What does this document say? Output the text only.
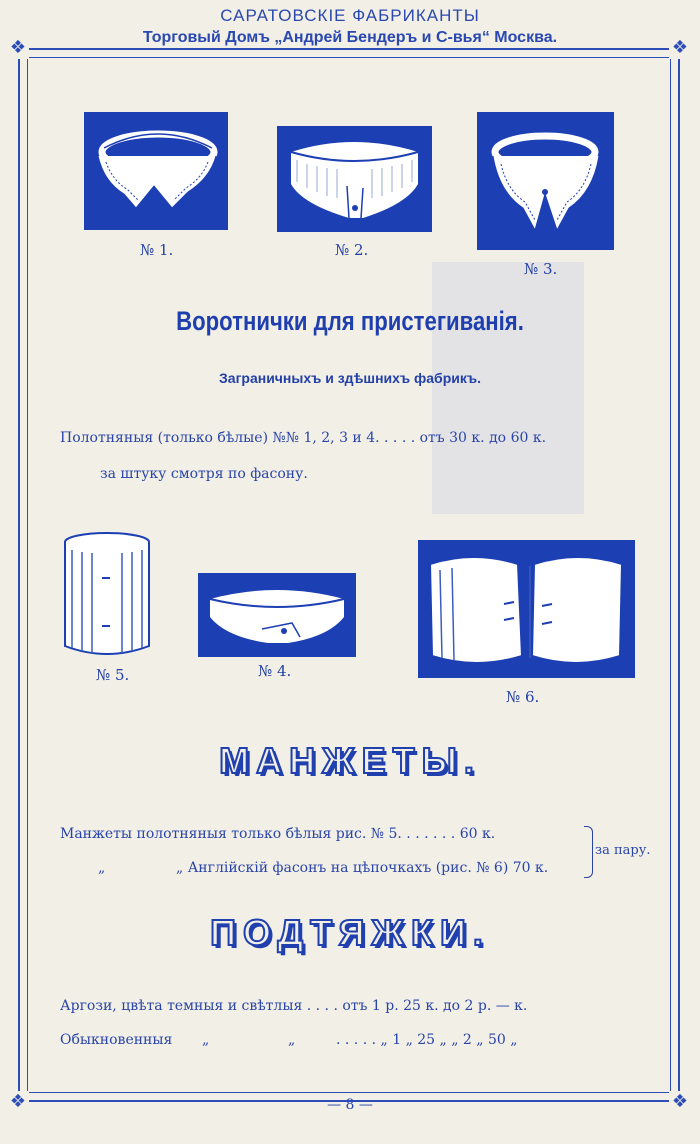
САРАТОВСКІЕ ФАБРИКАНТЫ
Торговый Домъ „Андрей Бендеръ и С-вья“ Москва.
❖	❖
❖	❖
№ 1.	№ 2.
№ 3.
Воротнички для пристегиванія.
Заграничныхъ и здѣшнихъ фабрикъ.
Полотняныя (только бѣлые) №№ 1, 2, 3 и 4. . . . . отъ 30 к. до 60 к.
за штуку смотря по фасону.
№ 5.	№ 4.
№ 6.
МАНЖЕТЫ.
Манжеты полотняныя только бѣлыя рис. № 5. . . . . . . 60 к.
„	„ Англійскій фасонъ на цѣпочкахъ (рис. № 6) 70 к.
за пару.
ПОДТЯЖКИ.
Аргози, цвѣта темныя и свѣтлыя . . . . отъ 1 р. 25 к. до 2 р. — к.
Обыкновенныя „	„	. . . . . „ 1 „ 25 „ „ 2 „ 50 „
— 8 —
